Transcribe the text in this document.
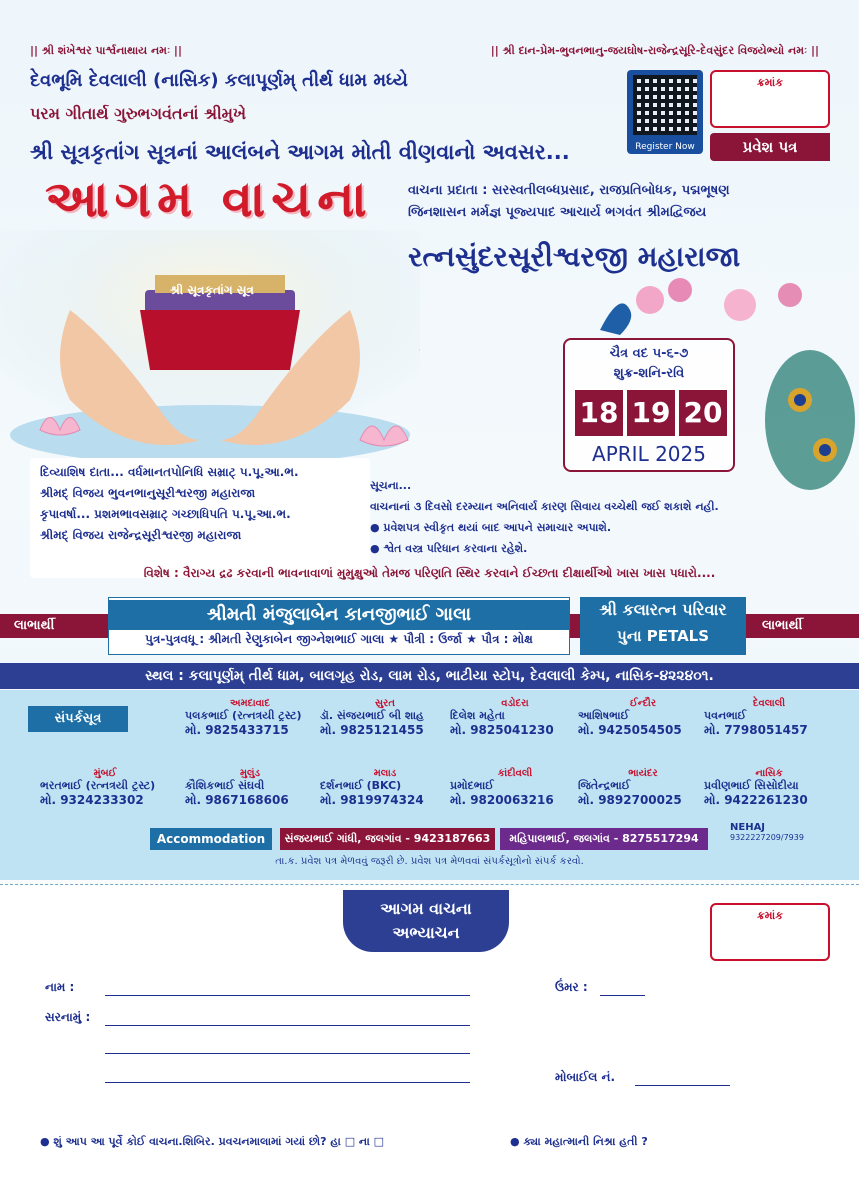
|| શ્રી શંખેશ્વર પાર્શ્વનાથાય નમઃ ||	|| શ્રી દાન-પ્રેમ-ભુવનભાનુ-જયઘોષ-રાજેન્દ્રસૂરિ-દેવસુંદર વિજયેભ્યો નમઃ ||
દેવભૂમિ દેવલાલી (નાસિક) કલાપૂર્ણમ્ તીર્થ ધામ મધ્યે
પરમ ગીતાર્થ ગુરુભગવંતનાં શ્રીમુખે
શ્રી સૂત્રકૃતાંગ સૂત્રનાં આલંબને આગમ મોતી વીણવાનો અવસર...	Register Now
ક્રમાંક
પ્રવેશ પત્ર
આગમ વાચના
શ્રી સૂત્રકૃતાંગ સૂત્ર
વાચના પ્રદાતા : સરસ્વતીલબ્ધપ્રસાદ, રાજપ્રતિબોધક, પદ્મભૂષણ
જિનશાસન મર્મજ્ઞ પૂજ્યપાદ આચાર્ય ભગવંત શ્રીમદ્વિજય
રત્નસુંદરસૂરીશ્વરજી મહારાજા
ચૈત્ર વદ ૫-૬-૭
શુક્ર-શનિ-રવિ
18 19 20
APRIL 2025
દિવ્યાશિષ દાતા... વર્ધમાનતપોનિધિ સમ્રાટ્ પ.પૂ.આ.ભ.
શ્રીમદ્ વિજય ભુવનભાનુસૂરીશ્વરજી મહારાજા
કૃપાવર્ષા... પ્રશમભાવસમ્રાટ્ ગચ્છાધિપતિ પ.પૂ.આ.ભ.
શ્રીમદ્ વિજય રાજેન્દ્રસૂરીશ્વરજી મહારાજા
સૂચના...
વાચનાનાં ૩ દિવસો દરમ્યાન અનિવાર્ય કારણ સિવાય વચ્ચેથી જઈ શકાશે નહી.
● પ્રવેશપત્ર સ્વીકૃત થયાં બાદ આપને સમાચાર અપાશે.
● શ્વેત વસ્ત્ર પરિધાન કરવાના રહેશે.
વિશેષ : વૈરાગ્ય દ્રઢ કરવાની ભાવનાવાળાં મુમુક્ષુઓ તેમજ પરિણતિ સ્થિર કરવાને ઈચ્છતા દીક્ષાર્થીઓ ખાસ ખાસ પધારો....
લાભાર્થી	લાભાર્થી
શ્રીમતી મંજુલાબેન કાનજીભાઈ ગાલા
પુત્ર-પુત્રવધૂ : શ્રીમતી રેણુકાબેન જીગ્નેશભાઈ ગાલા ★ પૌત્રી : ઉર્જા ★ પૌત્ર : મોક્ષ
શ્રી કલારત્ન પરિવાર
પુના PETALS
સ્થલ : કલાપૂર્ણમ્ તીર્થ ધામ, બાલગૃહ રોડ, લામ રોડ, ભાટીયા સ્ટોપ, દેવલાલી કેમ્પ, નાસિક-૪૨૨૪૦૧.
સંપર્કસૂત્ર
અમદાવાદ
પલકભાઈ (રત્નત્રયી ટ્રસ્ટ)
મો. 9825433715
સુરત
ડૉ. સંજયભાઈ બી શાહ
મો. 9825121455
વડોદરા
દિલેશ મહેતા
મો. 9825041230
ઈન્દૌર
આશિષભાઈ
મો. 9425054505
દેવલાલી
પવનભાઈ
મો. 7798051457
મુંબઈ
ભરતભાઈ (રત્નત્રયી ટ્રસ્ટ)
મો. 9324233302
મુલુંડ
કૌશિકભાઈ સંઘવી
મો. 9867168606
મલાડ
દર્શનભાઈ (BKC)
મો. 9819974324
કાંદીવલી
પ્રમોદભાઈ
મો. 9820063216
ભાયંદર
જિતેન્દ્રભાઈ
મો. 9892700025
નાસિક
પ્રવીણભાઈ સિસોદીયા
મો. 9422261230
Accommodation	સંજયભાઈ ગાંધી, જલગાંવ - 9423187663	મહિપાલભાઈ, જલગાંવ - 8275517294
NEHAJ
9322227209/7939
તા.ક. પ્રવેશ પત્ર મેળવવું જરૂરી છે. પ્રવેશ પત્ર મેળવવાં સંપર્કસૂત્રોનો સંપર્ક કરવો.
આગમ વાચના
અભ્યાચન
ક્રમાંક
નામ :	ઉંમર :
સરનામું :
મોબાઈલ નં.
● શું આપ આ પૂર્વે કોઈ વાચના.શિબિર. પ્રવચનમાલામાં ગયાં છો? હા □ ના □	● ક્યા મહાત્માની નિશ્રા હતી ?
